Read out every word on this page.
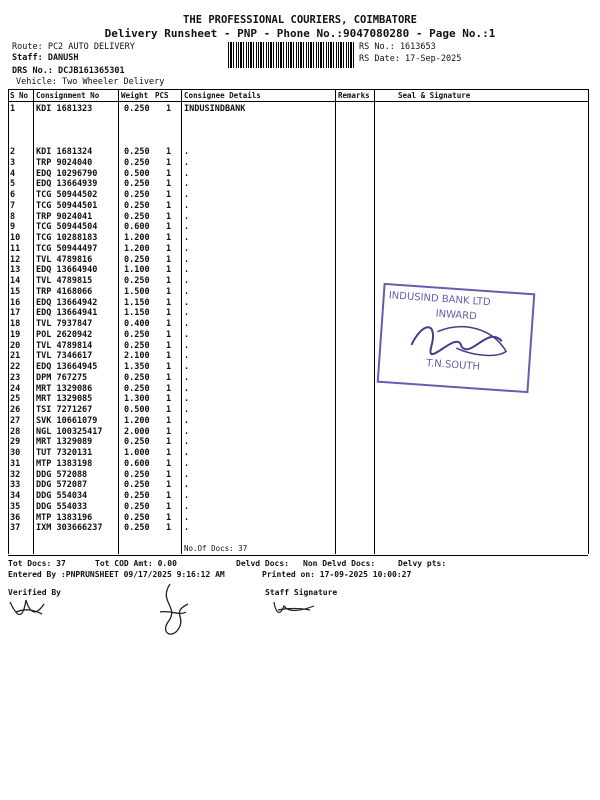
THE PROFESSIONAL COURIERS, COIMBATORE
Delivery Runsheet - PNP - Phone No.:9047080280 - Page No.:1
Route: PC2 AUTO DELIVERY
Staff: DANUSH
DRS No.: DCJB161365301
Vehicle: Two Wheeler Delivery
RS No.: 1613653
RS Date: 17-Sep-2025
S No Consignment No	Weight PCS Consignee Details	Remarks	Seal & Signature
1 KDI 1681323	0.250 1 INDUSINDBANK
2 KDI 1681324	0.250 1 .
3 TRP 9024040	0.250 1 .
4 EDQ 10296790	0.500 1 .
5 EDQ 13664939	0.250 1 .
6 TCG 50944502	0.250 1 .
7 TCG 50944501	0.250 1 .
8 TRP 9024041	0.250 1 .
9 TCG 50944504	0.600 1 .
10 TCG 10288183	1.200 1 .
11 TCG 50944497	1.200 1 .
12 TVL 4789816	0.250 1 .
13 EDQ 13664940	1.100 1 .
14 TVL 4789815	0.250 1 .
15 TRP 4168066	1.500 1 .
16 EDQ 13664942	1.150 1 .
17 EDQ 13664941	1.150 1 .
18 TVL 7937847	0.400 1 .
19 POL 2620942	0.250 1 .
20 TVL 4789814	0.250 1 .
21 TVL 7346617	2.100 1 .
22 EDQ 13664945	1.350 1 .
23 DPM 767275	0.250 1 .
24 MRT 1329086	0.250 1 .
25 MRT 1329085	1.300 1 .
26 TSI 7271267	0.500 1 .
27 SVK 10661079	1.200 1 .
28 NGL 100325417	2.000 1 .
29 MRT 1329089	0.250 1 .
30 TUT 7320131	1.000 1 .
31 MTP 1383198	0.600 1 .
32 DDG 572088	0.250 1 .
33 DDG 572087	0.250 1 .
34 DDG 554034	0.250 1 .
35 DDG 554033	0.250 1 .
36 MTP 1383196	0.250 1 .
37 IXM 303666237	0.250 1 .
No.Of Docs: 37
INDUSIND BANK LTD
INWARD
T.N.SOUTH
Tot Docs: 37	Tot COD Amt: 0.00	Delvd Docs: Non Delvd Docs:	Delvy pts:
Entered By :PNPRUNSHEET 09/17/2025 9:16:12 AM	Printed on: 17-09-2025 10:00:27
Verified By	Staff Signature
